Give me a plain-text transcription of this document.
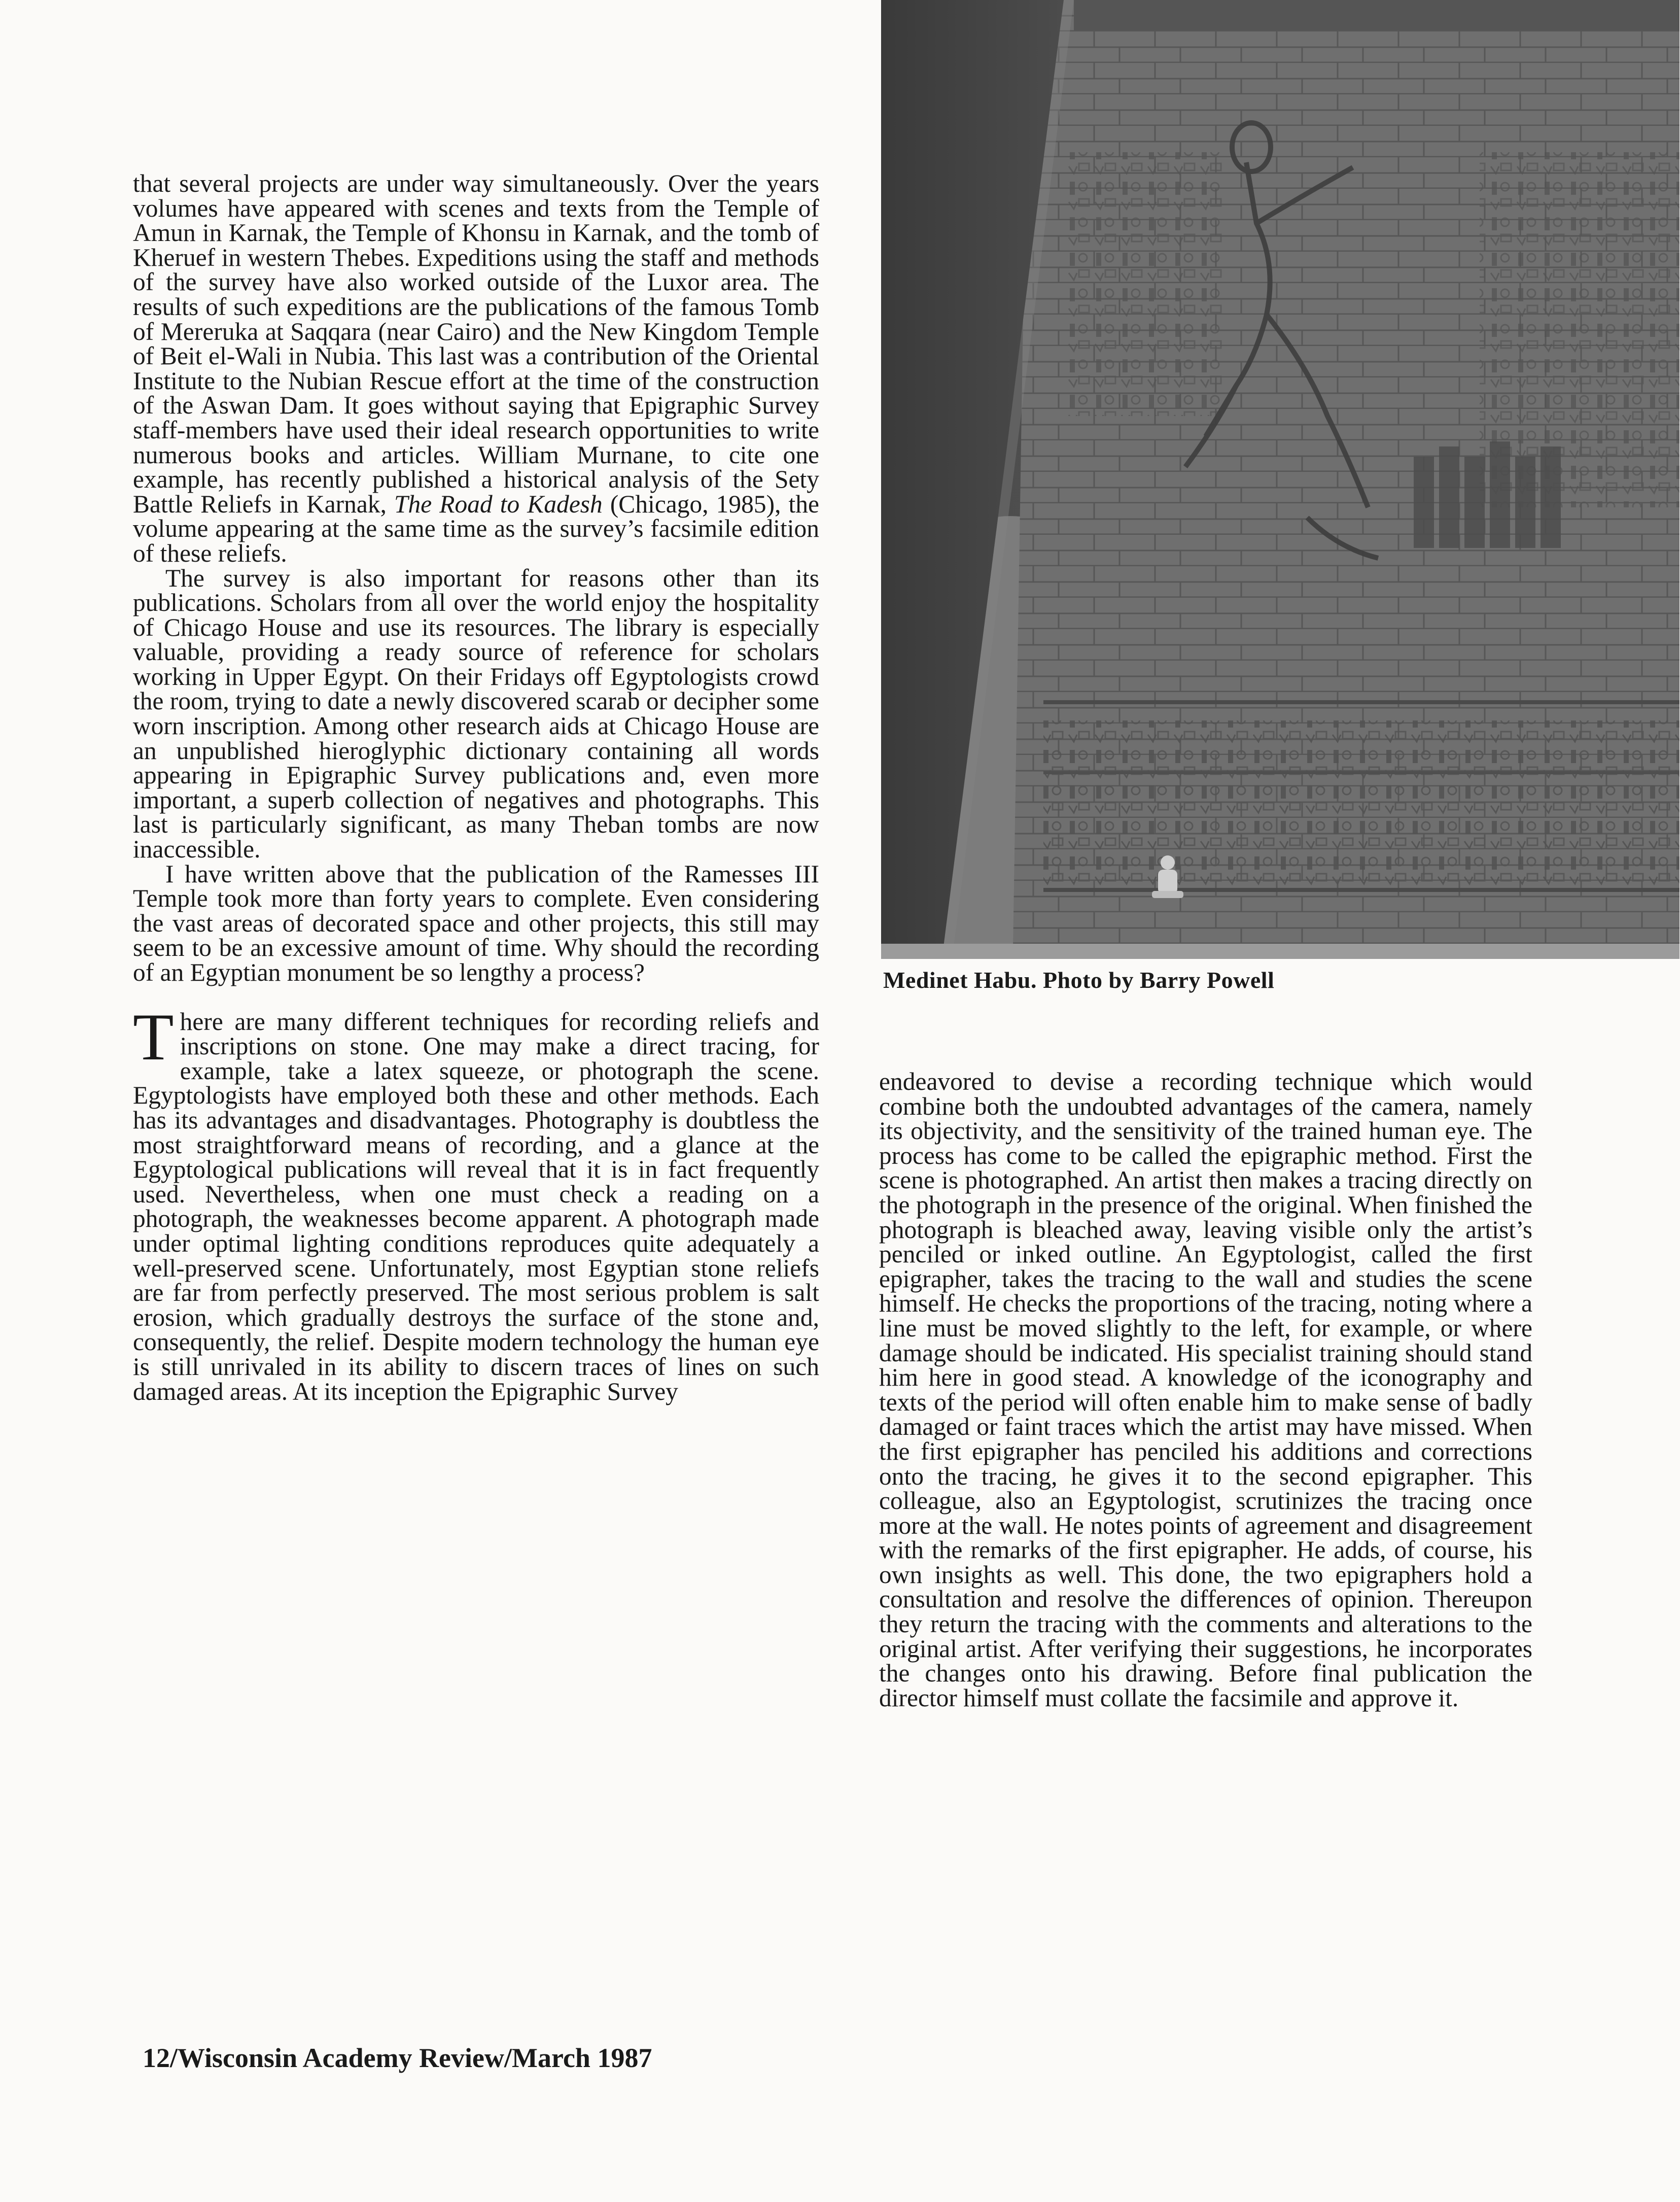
Medinet Habu. Photo by Barry Powell

that several projects are under way simultaneously. Over the years volumes have appeared with scenes and texts from the Temple of Amun in Karnak, the Temple of Khonsu in Karnak, and the tomb of Kheruef in western Thebes. Expeditions using the staff and methods of the survey have also worked outside of the Luxor area. The results of such expeditions are the publications of the famous Tomb of Mereruka at Saqqara (near Cairo) and the New Kingdom Temple of Beit el-Wali in Nubia. This last was a contribution of the Oriental Institute to the Nubian Rescue effort at the time of the construction of the Aswan Dam. It goes without saying that Epigraphic Survey staff-members have used their ideal research opportunities to write numerous books and articles. William Murnane, to cite one example, has recently published a historical analysis of the Sety Battle Reliefs in Karnak, The Road to Kadesh (Chicago, 1985), the volume appearing at the same time as the survey’s facsimile edition of these reliefs.

The survey is also important for reasons other than its publications. Scholars from all over the world enjoy the hospitality of Chicago House and use its resources. The library is especially valuable, providing a ready source of reference for scholars working in Upper Egypt. On their Fridays off Egyptologists crowd the room, trying to date a newly discovered scarab or decipher some worn inscription. Among other research aids at Chicago House are an unpublished hieroglyphic dictionary containing all words appearing in Epigraphic Survey publications and, even more important, a superb collection of negatives and photographs. This last is particularly significant, as many Theban tombs are now inaccessible.

I have written above that the publication of the Ramesses III Temple took more than forty years to complete. Even considering the vast areas of decorated space and other projects, this still may seem to be an excessive amount of time. Why should the recording of an Egyptian monument be so lengthy a process?

There are many different techniques for recording reliefs and inscriptions on stone. One may make a direct tracing, for example, take a latex squeeze, or photograph the scene. Egyptologists have employed both these and other methods. Each has its advantages and disadvantages. Photography is doubtless the most straightforward means of recording, and a glance at the Egyptological publications will reveal that it is in fact frequently used. Nevertheless, when one must check a reading on a photograph, the weaknesses become apparent. A photograph made under optimal lighting conditions reproduces quite adequately a well-preserved scene. Unfortunately, most Egyptian stone reliefs are far from perfectly preserved. The most serious problem is salt erosion, which gradually destroys the surface of the stone and, consequently, the relief. Despite modern technology the human eye is still unrivaled in its ability to discern traces of lines on such damaged areas. At its inception the Epigraphic Survey

endeavored to devise a recording technique which would combine both the undoubted advantages of the camera, namely its objectivity, and the sensitivity of the trained human eye. The process has come to be called the epigraphic method. First the scene is photographed. An artist then makes a tracing directly on the photograph in the presence of the original. When finished the photograph is bleached away, leaving visible only the artist’s penciled or inked outline. An Egyptologist, called the first epigrapher, takes the tracing to the wall and studies the scene himself. He checks the proportions of the tracing, noting where a line must be moved slightly to the left, for example, or where damage should be indicated. His specialist training should stand him here in good stead. A knowledge of the iconography and texts of the period will often enable him to make sense of badly damaged or faint traces which the artist may have missed. When the first epigrapher has penciled his additions and corrections onto the tracing, he gives it to the second epigrapher. This colleague, also an Egyptologist, scrutinizes the tracing once more at the wall. He notes points of agreement and disagreement with the remarks of the first epigrapher. He adds, of course, his own insights as well. This done, the two epigraphers hold a consultation and resolve the differences of opinion. Thereupon they return the tracing with the comments and alterations to the original artist. After verifying their suggestions, he incorporates the changes onto his drawing. Before final publication the director himself must collate the facsimile and approve it.

12/Wisconsin Academy Review/March 1987
